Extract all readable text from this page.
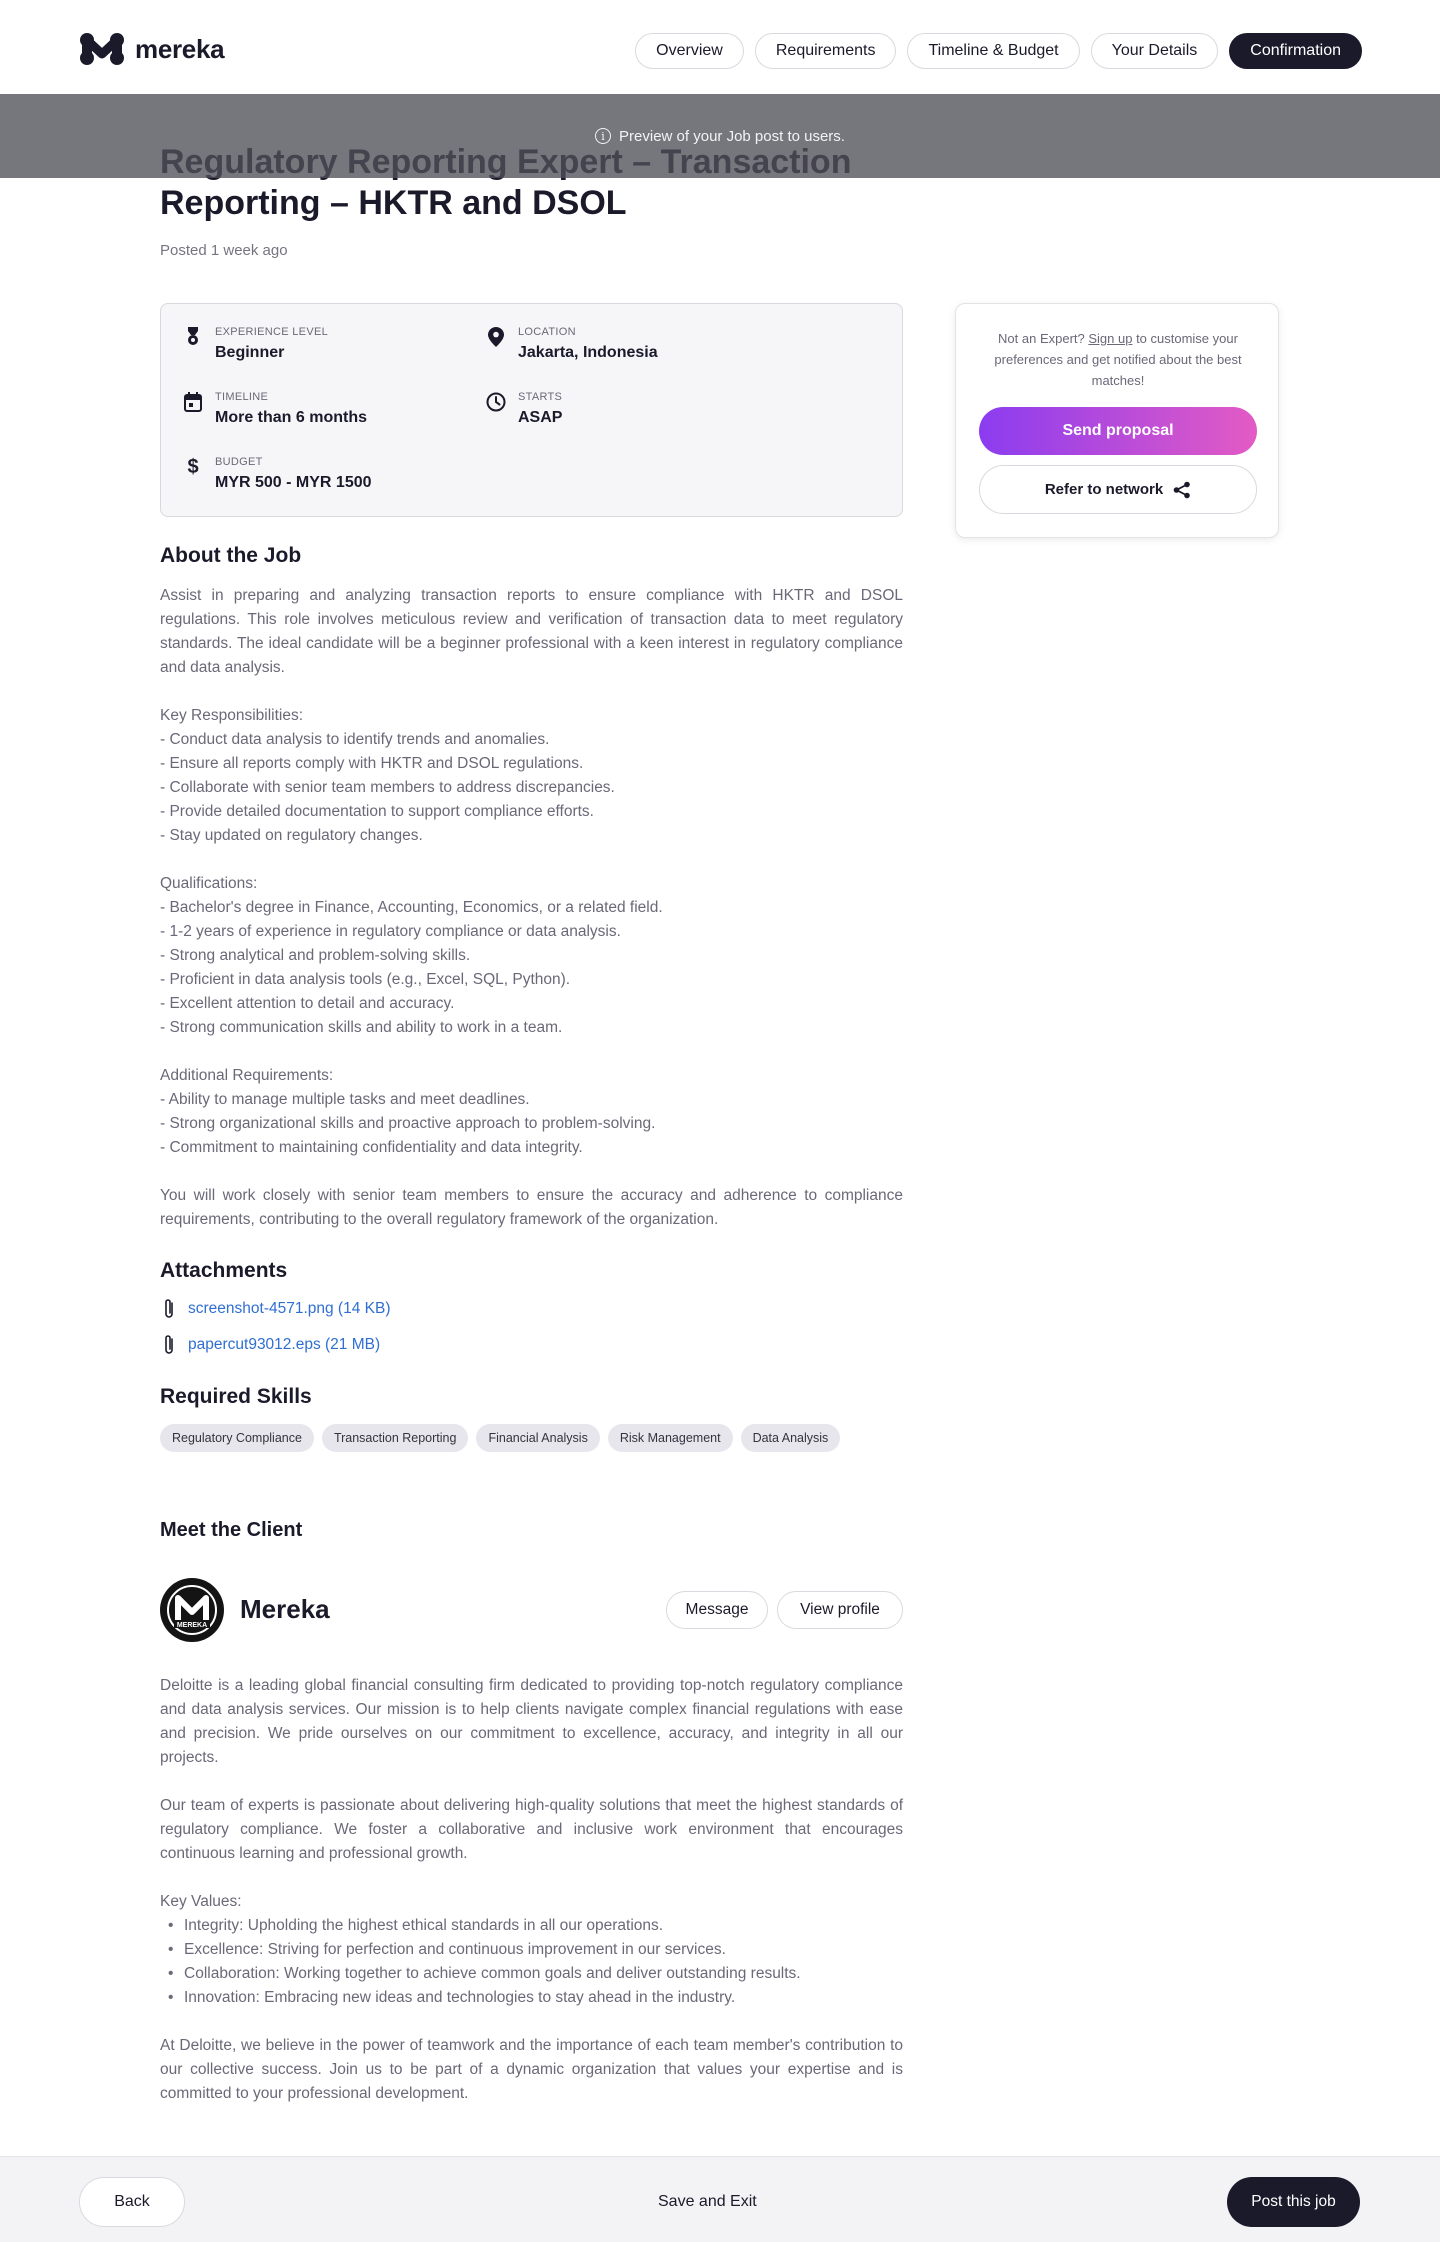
mereka	Overview	Requirements	Timeline & Budget	Your Details	Confirmation
Reporting – HKTR and DSOL
Posted 1 week ago
i Preview of your Job post to users.
EXPERIENCE LEVEL
Beginner
LOCATION
Jakarta, Indonesia
TIMELINE
More than 6 months
STARTS
ASAP
$	BUDGET
MYR 500 - MYR 1500
Not an Expert? Sign up to customise your preferences and get notified about the best matches!
Send proposal
Refer to network
About the Job

Assist in preparing and analyzing transaction reports to ensure compliance with HKTR and DSOL regulations. This role involves meticulous review and verification of transaction data to meet regulatory standards. The ideal candidate will be a beginner professional with a keen interest in regulatory compliance and data analysis.

Key Responsibilities:
- Conduct data analysis to identify trends and anomalies.
- Ensure all reports comply with HKTR and DSOL regulations.
- Collaborate with senior team members to address discrepancies.
- Provide detailed documentation to support compliance efforts.
- Stay updated on regulatory changes.

Qualifications:
- Bachelor's degree in Finance, Accounting, Economics, or a related field.
- 1-2 years of experience in regulatory compliance or data analysis.
- Strong analytical and problem-solving skills.
- Proficient in data analysis tools (e.g., Excel, SQL, Python).
- Excellent attention to detail and accuracy.
- Strong communication skills and ability to work in a team.

Additional Requirements:
- Ability to manage multiple tasks and meet deadlines.
- Strong organizational skills and proactive approach to problem-solving.
- Commitment to maintaining confidentiality and data integrity.

You will work closely with senior team members to ensure the accuracy and adherence to compliance requirements, contributing to the overall regulatory framework of the organization.

Attachments
screenshot-4571.png (14 KB)
papercut93012.eps (21 MB)
Required Skills
Regulatory Compliance	Transaction Reporting	Financial Analysis	Risk Management	Data Analysis
Meet the Client
MEREKA
Mereka	Message	View profile

Deloitte is a leading global financial consulting firm dedicated to providing top-notch regulatory compliance and data analysis services. Our mission is to help clients navigate complex financial regulations with ease and precision. We pride ourselves on our commitment to excellence, accuracy, and integrity in all our projects.

Our team of experts is passionate about delivering high-quality solutions that meet the highest standards of regulatory compliance. We foster a collaborative and inclusive work environment that encourages continuous learning and professional growth.

Key Values:
• Integrity: Upholding the highest ethical standards in all our operations.
• Excellence: Striving for perfection and continuous improvement in our services.
• Collaboration: Working together to achieve common goals and deliver outstanding results.
• Innovation: Embracing new ideas and technologies to stay ahead in the industry.

At Deloitte, we believe in the power of teamwork and the importance of each team member's contribution to our collective success. Join us to be part of a dynamic organization that values your expertise and is committed to your professional development.

Back	Save and Exit	Post this job
